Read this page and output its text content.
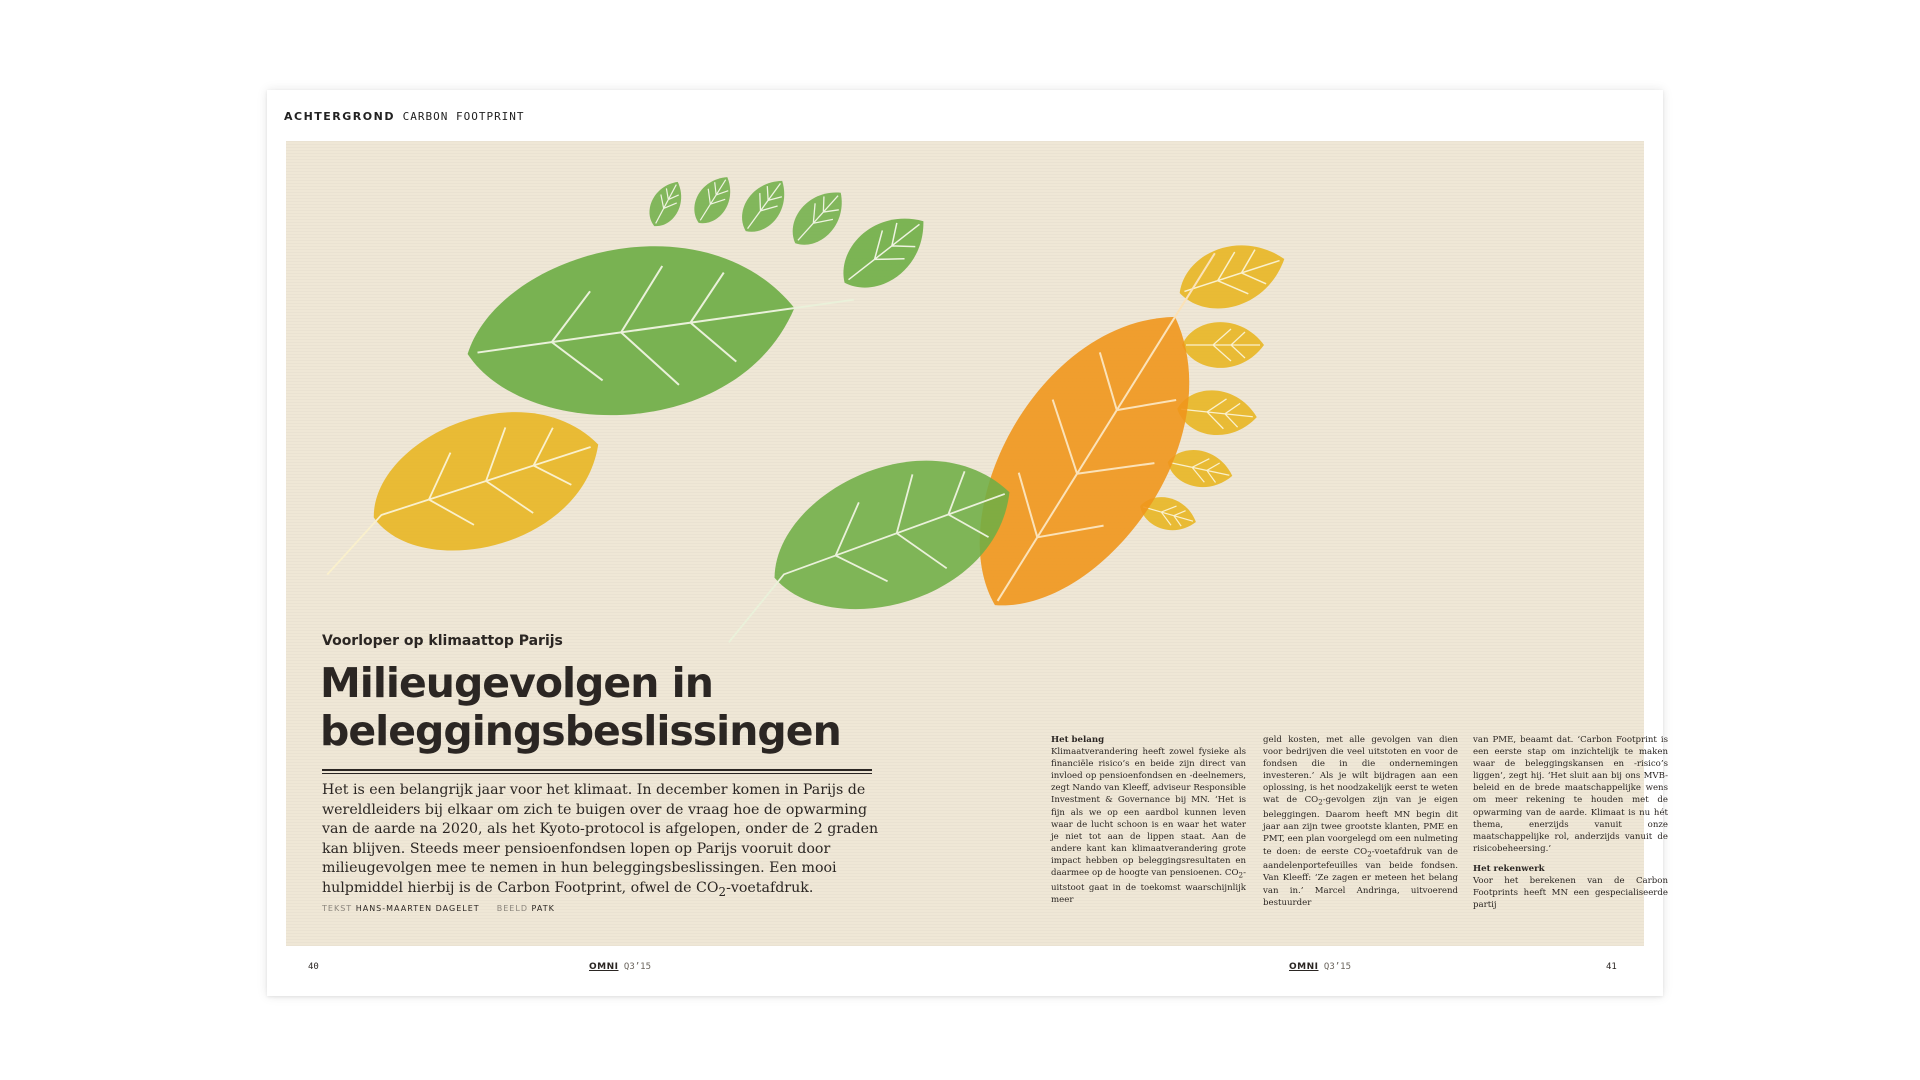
ACHTERGROND CARBON FOOTPRINT
Voorloper op klimaattop Parijs
Milieugevolgen in beleggingsbeslissingen

Het is een belangrijk jaar voor het klimaat. In december komen in Parijs de wereldleiders bij elkaar om zich te buigen over de vraag hoe de opwarming van de aarde na 2020, als het Kyoto-protocol is afgelopen, onder de 2 graden kan blijven. Steeds meer pensioenfondsen lopen op Parijs vooruit door milieugevolgen mee te nemen in hun beleggingsbeslissingen. Een mooi hulpmiddel hierbij is de Carbon Footprint, ofwel de $CO_2$-voetafdruk.

TEKST HANS-MAARTEN DAGELET BEELD PATK
Het belang

Klimaatverandering heeft zowel fysieke als financiële risico’s en beide zijn direct van invloed op pensioenfondsen en -deelnemers, zegt Nando van Kleeff, adviseur Responsible Investment & Governance bij MN. ‘Het is fijn als we op een aardbol kunnen leven waar de lucht schoon is en waar het water je niet tot aan de lippen staat. Aan de andere kant kan klimaatverandering grote impact hebben op beleggingsresultaten en daarmee op de hoogte van pensioenen. $CO_2$-uitstoot gaat in de toekomst waarschijnlijk meer

geld kosten, met alle gevolgen van dien voor bedrijven die veel uitstoten en voor de fondsen die in die ondernemingen investeren.’ Als je wilt bijdragen aan een oplossing, is het noodzakelijk eerst te weten wat de $CO_2$-gevolgen zijn van je eigen beleggingen. Daarom heeft MN begin dit jaar aan zijn twee grootste klanten, PME en PMT, een plan voorgelegd om een nulmeting te doen: de eerste $CO_2$-voetafdruk van de aandelenportefeuilles van beide fondsen. Van Kleeff: ‘Ze zagen er meteen het belang van in.’ Marcel Andringa, uitvoerend bestuurder

van PME, beaamt dat. ‘Carbon Footprint is een eerste stap om inzichtelijk te maken waar de beleggingskansen en -risico’s liggen’, zegt hij. ‘Het sluit aan bij ons MVB-beleid en de brede maatschappelijke wens om meer rekening te houden met de opwarming van de aarde. Klimaat is nu hét thema, enerzijds vanuit onze maatschappelijke rol, anderzijds vanuit de risicobeheersing.’

Het rekenwerk

Voor het berekenen van de Carbon Footprints heeft MN een gespecialiseerde partij

40	OMNI Q3’15	OMNI Q3’15	41
